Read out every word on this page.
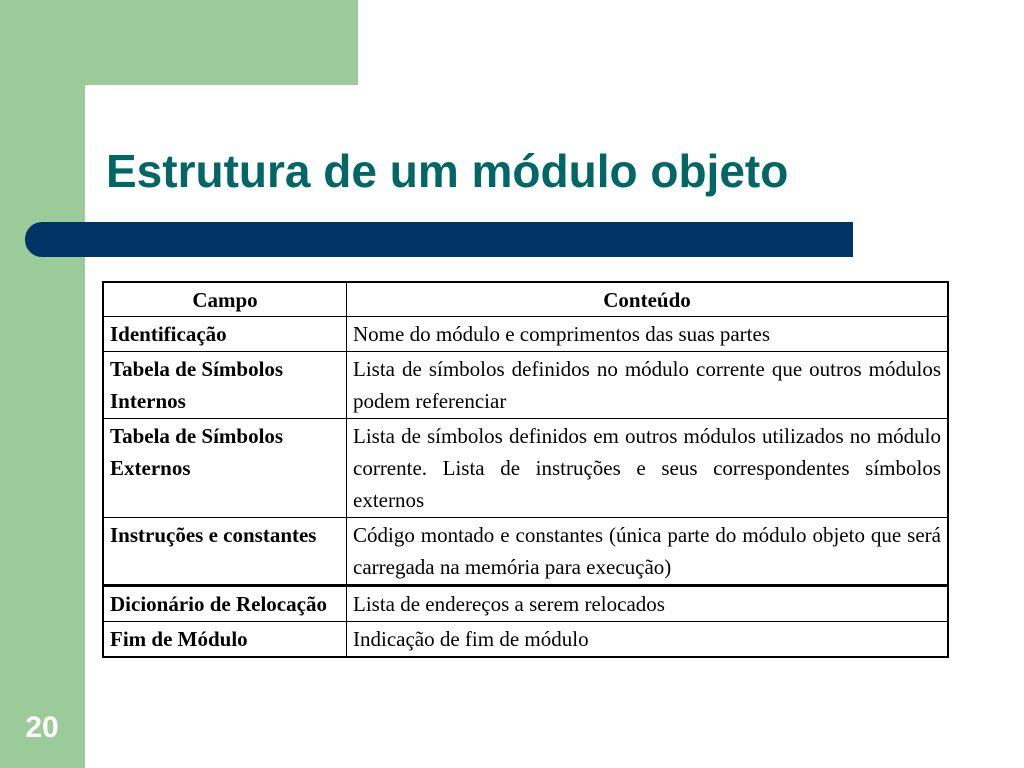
Estrutura de um módulo objeto
Campo	Conteúdo
Identificação	Nome do módulo e comprimentos das suas partes
Tabela de Símbolos Internos	Lista de símbolos definidos no módulo corrente que outros módulos podem referenciar
Tabela de Símbolos Externos	Lista de símbolos definidos em outros módulos utilizados no módulo corrente. Lista de instruções e seus correspondentes símbolos externos
Instruções e constantes	Código montado e constantes (única parte do módulo objeto que será carregada na memória para execução)
Dicionário de Relocação	Lista de endereços a serem relocados
Fim de Módulo	Indicação de fim de módulo
20
